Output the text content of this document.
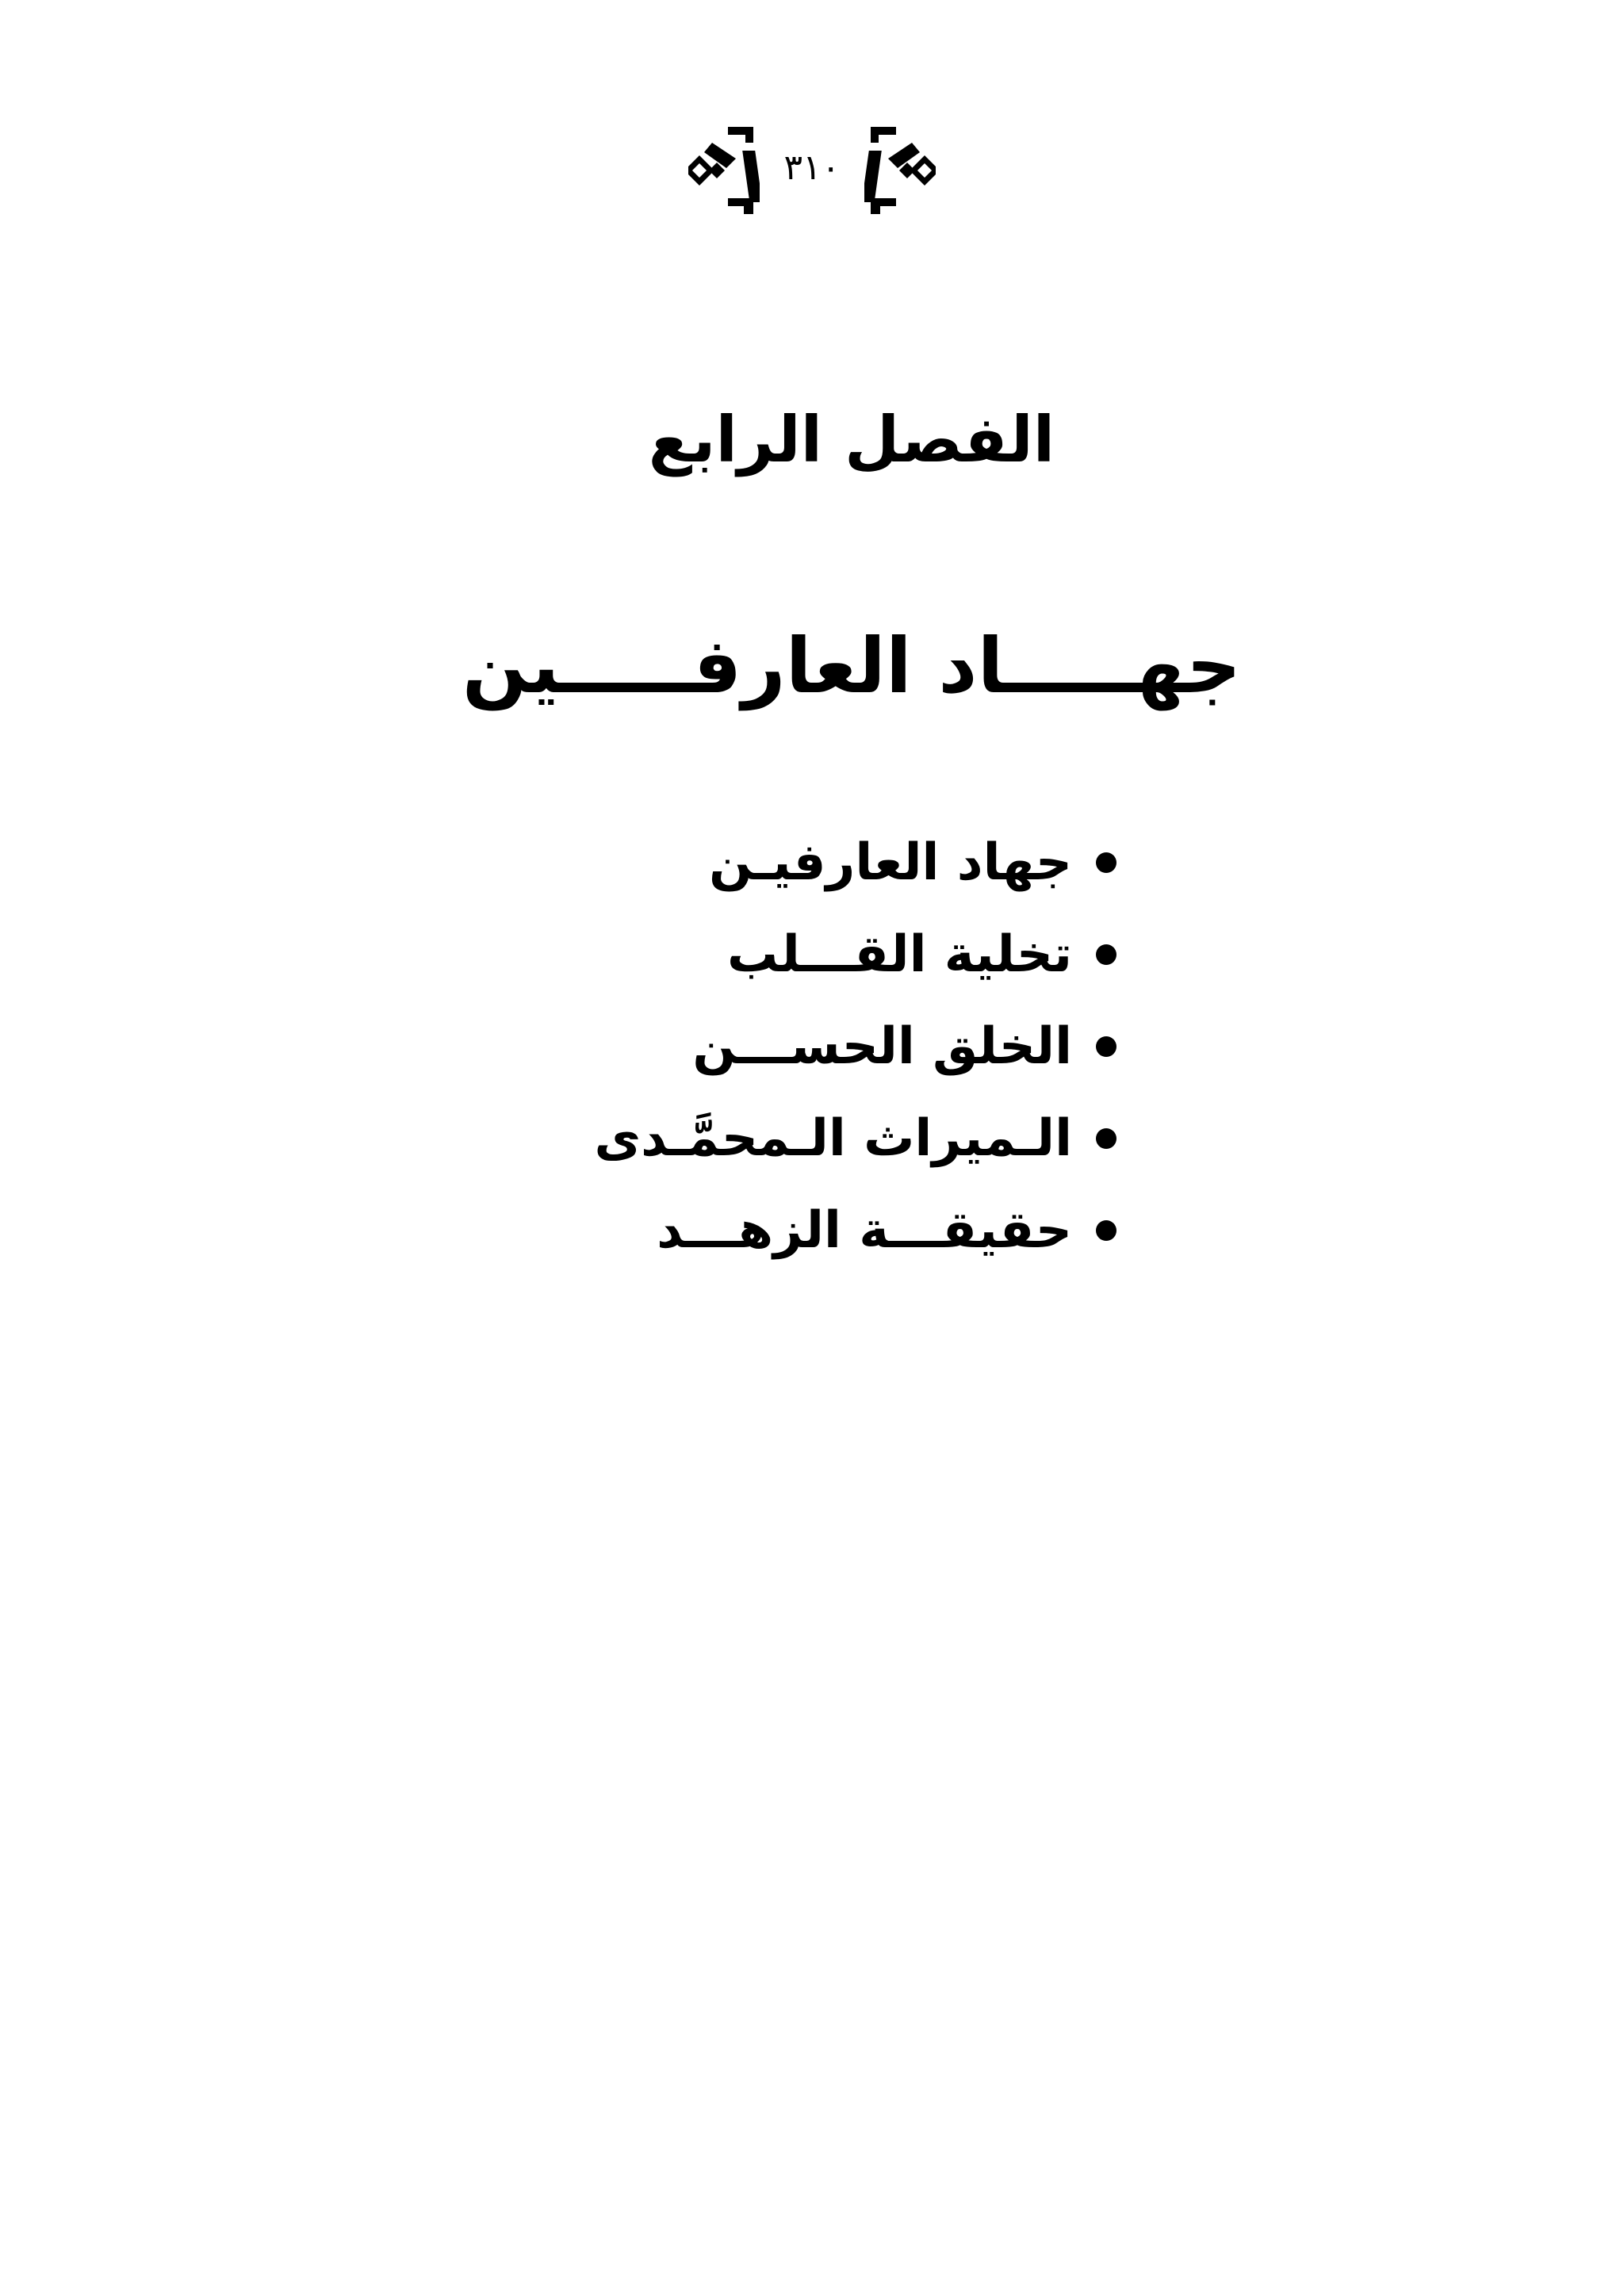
٣١٠
الفصل الرابع
جهـــــاد العارفـــــين
جهاد العارفيـن
تخلية القـــلب
الخلق الحســـن
الـميراث الـمحمَّـدى
حقيقـــة الزهـــد
